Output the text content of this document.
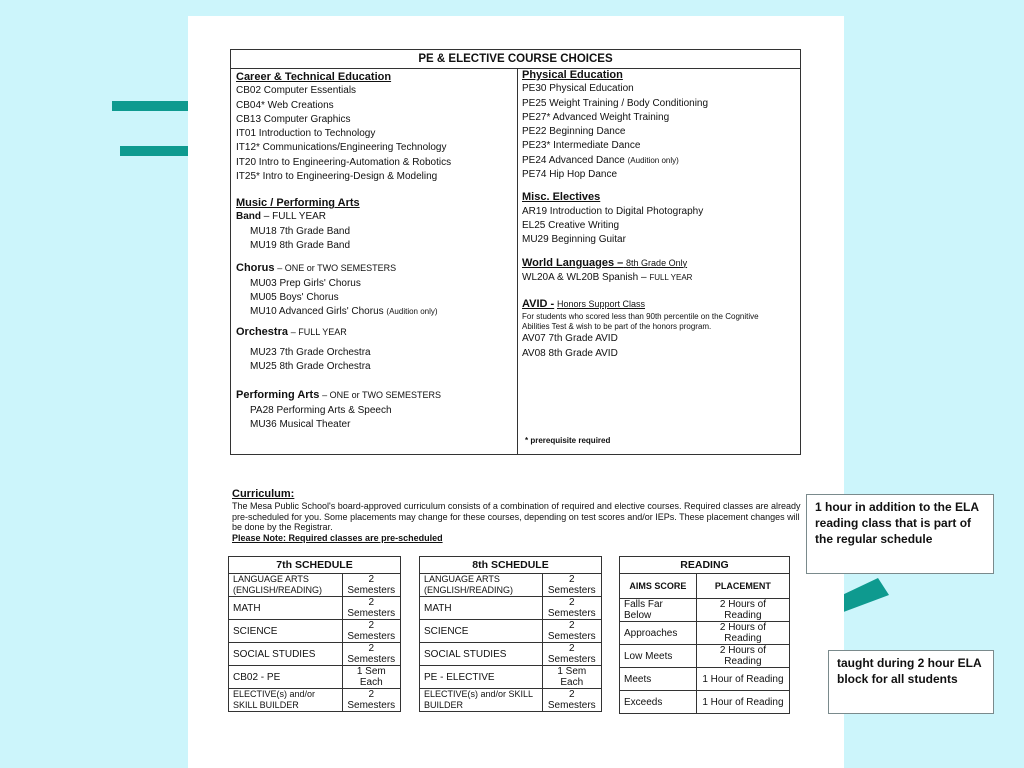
PE & ELECTIVE COURSE CHOICES
Career & Technical Education
CB02 Computer Essentials
CB04* Web Creations
CB13 Computer Graphics
IT01 Introduction to Technology
IT12* Communications/Engineering Technology
IT20 Intro to Engineering-Automation & Robotics
IT25* Intro to Engineering-Design & Modeling
Music / Performing Arts
Band – FULL YEAR
MU18 7th Grade Band
MU19 8th Grade Band
Chorus – ONE or TWO SEMESTERS
MU03 Prep Girls' Chorus
MU05 Boys' Chorus
MU10 Advanced Girls' Chorus (Audition only)
Orchestra – FULL YEAR
MU23 7th Grade Orchestra
MU25 8th Grade Orchestra
Performing Arts – ONE or TWO SEMESTERS
PA28 Performing Arts & Speech
MU36 Musical Theater
Physical Education
PE30 Physical Education
PE25 Weight Training / Body Conditioning
PE27* Advanced Weight Training
PE22 Beginning Dance
PE23* Intermediate Dance
PE24 Advanced Dance (Audition only)
PE74 Hip Hop Dance
Misc. Electives
AR19 Introduction to Digital Photography
EL25 Creative Writing
MU29 Beginning Guitar
World Languages – 8th Grade Only
WL20A & WL20B Spanish – FULL YEAR
AVID - Honors Support Class
For students who scored less than 90th percentile on the Cognitive Abilities Test & wish to be part of the honors program.
AV07 7th Grade AVID
AV08 8th Grade AVID
* prerequisite required
Curriculum:
The Mesa Public School's board-approved curriculum consists of a combination of required and elective courses. Required classes are already pre-scheduled for you. Some placements may change for these courses, depending on test scores and/or IEPs. These placement changes will be done by the Registrar.
Please Note: Required classes are pre-scheduled
7th SCHEDULE	
LANGUAGE ARTS (ENGLISH/READING)	2 Semesters
MATH	2 Semesters
SCIENCE	2 Semesters
SOCIAL STUDIES	2 Semesters
CB02 - PE	1 Sem Each
ELECTIVE(s) and/or SKILL BUILDER	2 Semesters
8th SCHEDULE	
LANGUAGE ARTS (ENGLISH/READING)	2 Semesters
MATH	2 Semesters
SCIENCE	2 Semesters
SOCIAL STUDIES	2 Semesters
PE - ELECTIVE	1 Sem Each
ELECTIVE(s) and/or SKILL BUILDER	2 Semesters
READING	
AIMS SCORE	PLACEMENT
Falls Far Below	2 Hours of Reading
Approaches	2 Hours of Reading
Low Meets	2 Hours of Reading
Meets	1 Hour of Reading
Exceeds	1 Hour of Reading
1 hour in addition to the ELA reading class that is part of the regular schedule
taught during 2 hour ELA block for all students
